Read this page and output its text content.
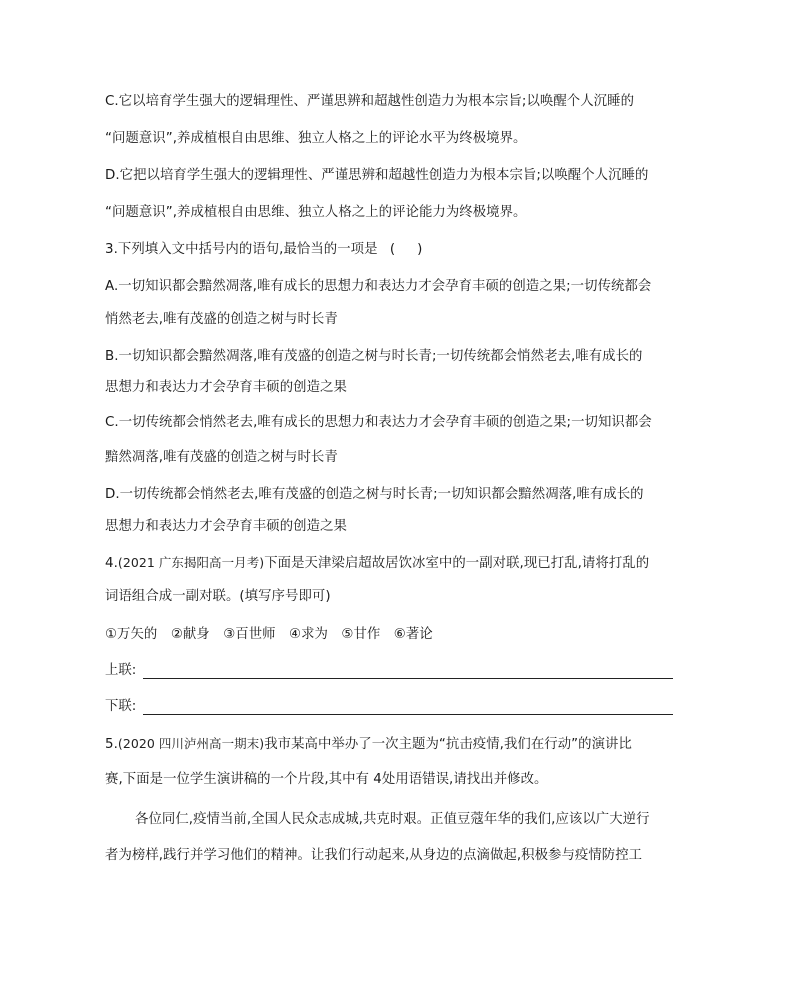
C.它以培育学生强大的逻辑理性、严谨思辨和超越性创造力为根本宗旨;以唤醒个人沉睡的
“问题意识”,养成植根自由思维、独立人格之上的评论水平为终极境界。
D.它把以培育学生强大的逻辑理性、严谨思辨和超越性创造力为根本宗旨;以唤醒个人沉睡的
“问题意识”,养成植根自由思维、独立人格之上的评论能力为终极境界。
3.下列填入文中括号内的语句,最恰当的一项是 ( )
A.一切知识都会黯然凋落,唯有成长的思想力和表达力才会孕育丰硕的创造之果;一切传统都会
悄然老去,唯有茂盛的创造之树与时长青
B.一切知识都会黯然凋落,唯有茂盛的创造之树与时长青;一切传统都会悄然老去,唯有成长的
思想力和表达力才会孕育丰硕的创造之果
C.一切传统都会悄然老去,唯有成长的思想力和表达力才会孕育丰硕的创造之果;一切知识都会
黯然凋落,唯有茂盛的创造之树与时长青
D.一切传统都会悄然老去,唯有茂盛的创造之树与时长青;一切知识都会黯然凋落,唯有成长的
思想力和表达力才会孕育丰硕的创造之果
4.(2021 广东揭阳高一月考)下面是天津梁启超故居饮冰室中的一副对联,现已打乱,请将打乱的
词语组合成一副对联。(填写序号即可)
①万矢的　②献身　③百世师　④求为　⑤甘作　⑥著论
上联:
下联:
5.(2020 四川泸州高一期末)我市某高中举办了一次主题为“抗击疫情,我们在行动”的演讲比
赛,下面是一位学生演讲稿的一个片段,其中有 4处用语错误,请找出并修改。
各位同仁,疫情当前,全国人民众志成城,共克时艰。正值豆蔻年华的我们,应该以广大逆行
者为榜样,践行并学习他们的精神。让我们行动起来,从身边的点滴做起,积极参与疫情防控工
